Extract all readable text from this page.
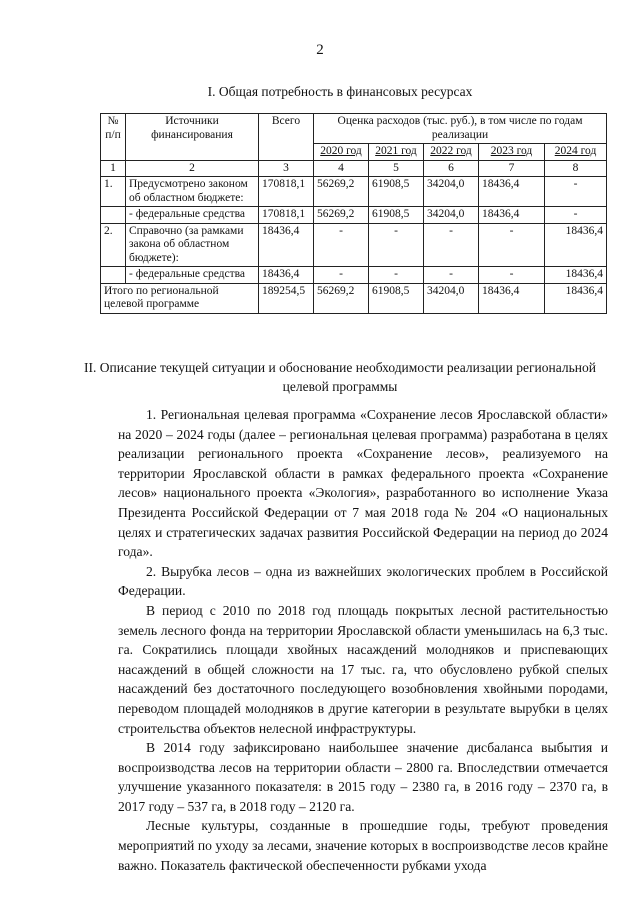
2
I. Общая потребность в финансовых ресурсах
№ п/п	Источники финансирования	Всего	Оценка расходов (тыс. руб.), в том числе по годам реализации				
			2020 год	2021 год	2022 год	2023 год	2024 год
1	2	3	4	5	6	7	8
1.	Предусмотрено законом об областном бюджете:	170818,1	56269,2	61908,5	34204,0	18436,4	-
	- федеральные средства	170818,1	56269,2	61908,5	34204,0	18436,4	-
2.	Справочно (за рамками закона об областном бюджете):	18436,4	-	-	-	-	18436,4
	- федеральные средства	18436,4	-	-	-	-	18436,4
Итого по региональной целевой программе		189254,5	56269,2	61908,5	34204,0	18436,4	18436,4
II. Описание текущей ситуации и обоснование необходимости реализации региональной целевой программы

1. Региональная целевая программа «Сохранение лесов Ярославской области» на 2020 – 2024 годы (далее – региональная целевая программа) разработана в целях реализации регионального проекта «Сохранение лесов», реализуемого на территории Ярославской области в рамках федерального проекта «Сохранение лесов» национального проекта «Экология», разработанного во исполнение Указа Президента Российской Федерации от 7 мая 2018 года № 204 «О национальных целях и стратегических задачах развития Российской Федерации на период до 2024 года».

2. Вырубка лесов – одна из важнейших экологических проблем в Российской Федерации.

В период с 2010 по 2018 год площадь покрытых лесной растительностью земель лесного фонда на территории Ярославской области уменьшилась на 6,3 тыс. га. Сократились площади хвойных насаждений молодняков и приспевающих насаждений в общей сложности на 17 тыс. га, что обусловлено рубкой спелых насаждений без достаточного последующего возобновления хвойными породами, переводом площадей молодняков в другие категории в результате вырубки в целях строительства объектов нелесной инфраструктуры.

В 2014 году зафиксировано наибольшее значение дисбаланса выбытия и воспроизводства лесов на территории области – 2800 га. Впоследствии отмечается улучшение указанного показателя: в 2015 году – 2380 га, в 2016 году – 2370 га, в 2017 году – 537 га, в 2018 году – 2120 га.

Лесные культуры, созданные в прошедшие годы, требуют проведения мероприятий по уходу за лесами, значение которых в воспроизводстве лесов крайне важно. Показатель фактической обеспеченности рубками ухода
